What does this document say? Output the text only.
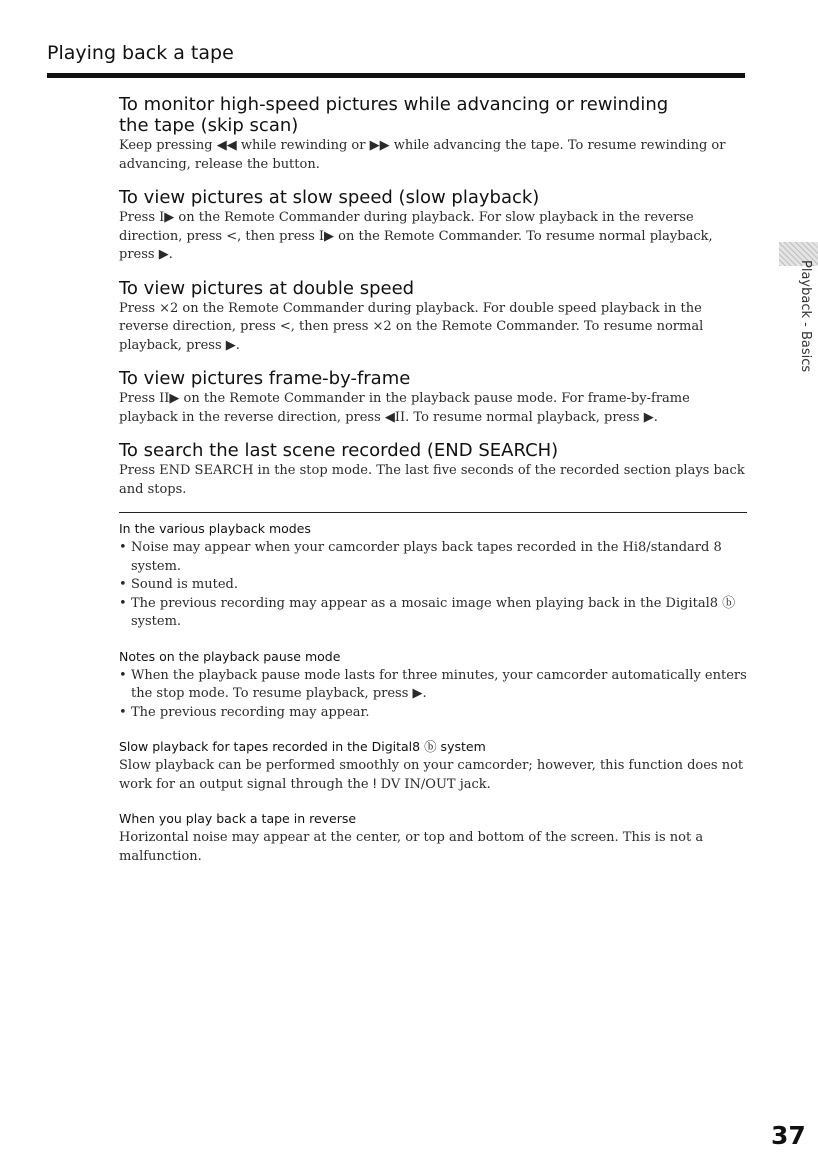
Playing back a tape
To monitor high-speed pictures while advancing or rewinding
the tape (skip scan)

Keep pressing ◀◀ while rewinding or ▶▶ while advancing the tape. To resume rewinding or advancing, release the button.

To view pictures at slow speed (slow playback)

Press I▶ on the Remote Commander during playback. For slow playback in the reverse direction, press <, then press I▶ on the Remote Commander. To resume normal playback, press ▶.

To view pictures at double speed

Press ×2 on the Remote Commander during playback. For double speed playback in the reverse direction, press <, then press ×2 on the Remote Commander. To resume normal playback, press ▶.

To view pictures frame-by-frame

Press II▶ on the Remote Commander in the playback pause mode. For frame-by-frame playback in the reverse direction, press ◀II. To resume normal playback, press ▶.

To search the last scene recorded (END SEARCH)

Press END SEARCH in the stop mode. The last five seconds of the recorded section plays back and stops.

In the various playback modes
• Noise may appear when your camcorder plays back tapes recorded in the Hi8/standard 8 system.
• Sound is muted.
• The previous recording may appear as a mosaic image when playing back in the Digital8 ⓑ system.
Notes on the playback pause mode
• When the playback pause mode lasts for three minutes, your camcorder automatically enters the stop mode. To resume playback, press ▶.
• The previous recording may appear.
Slow playback for tapes recorded in the Digital8 ⓑ system

Slow playback can be performed smoothly on your camcorder; however, this function does not work for an output signal through the ⵑ DV IN/OUT jack.

When you play back a tape in reverse

Horizontal noise may appear at the center, or top and bottom of the screen. This is not a malfunction.

Playback - Basics
37
